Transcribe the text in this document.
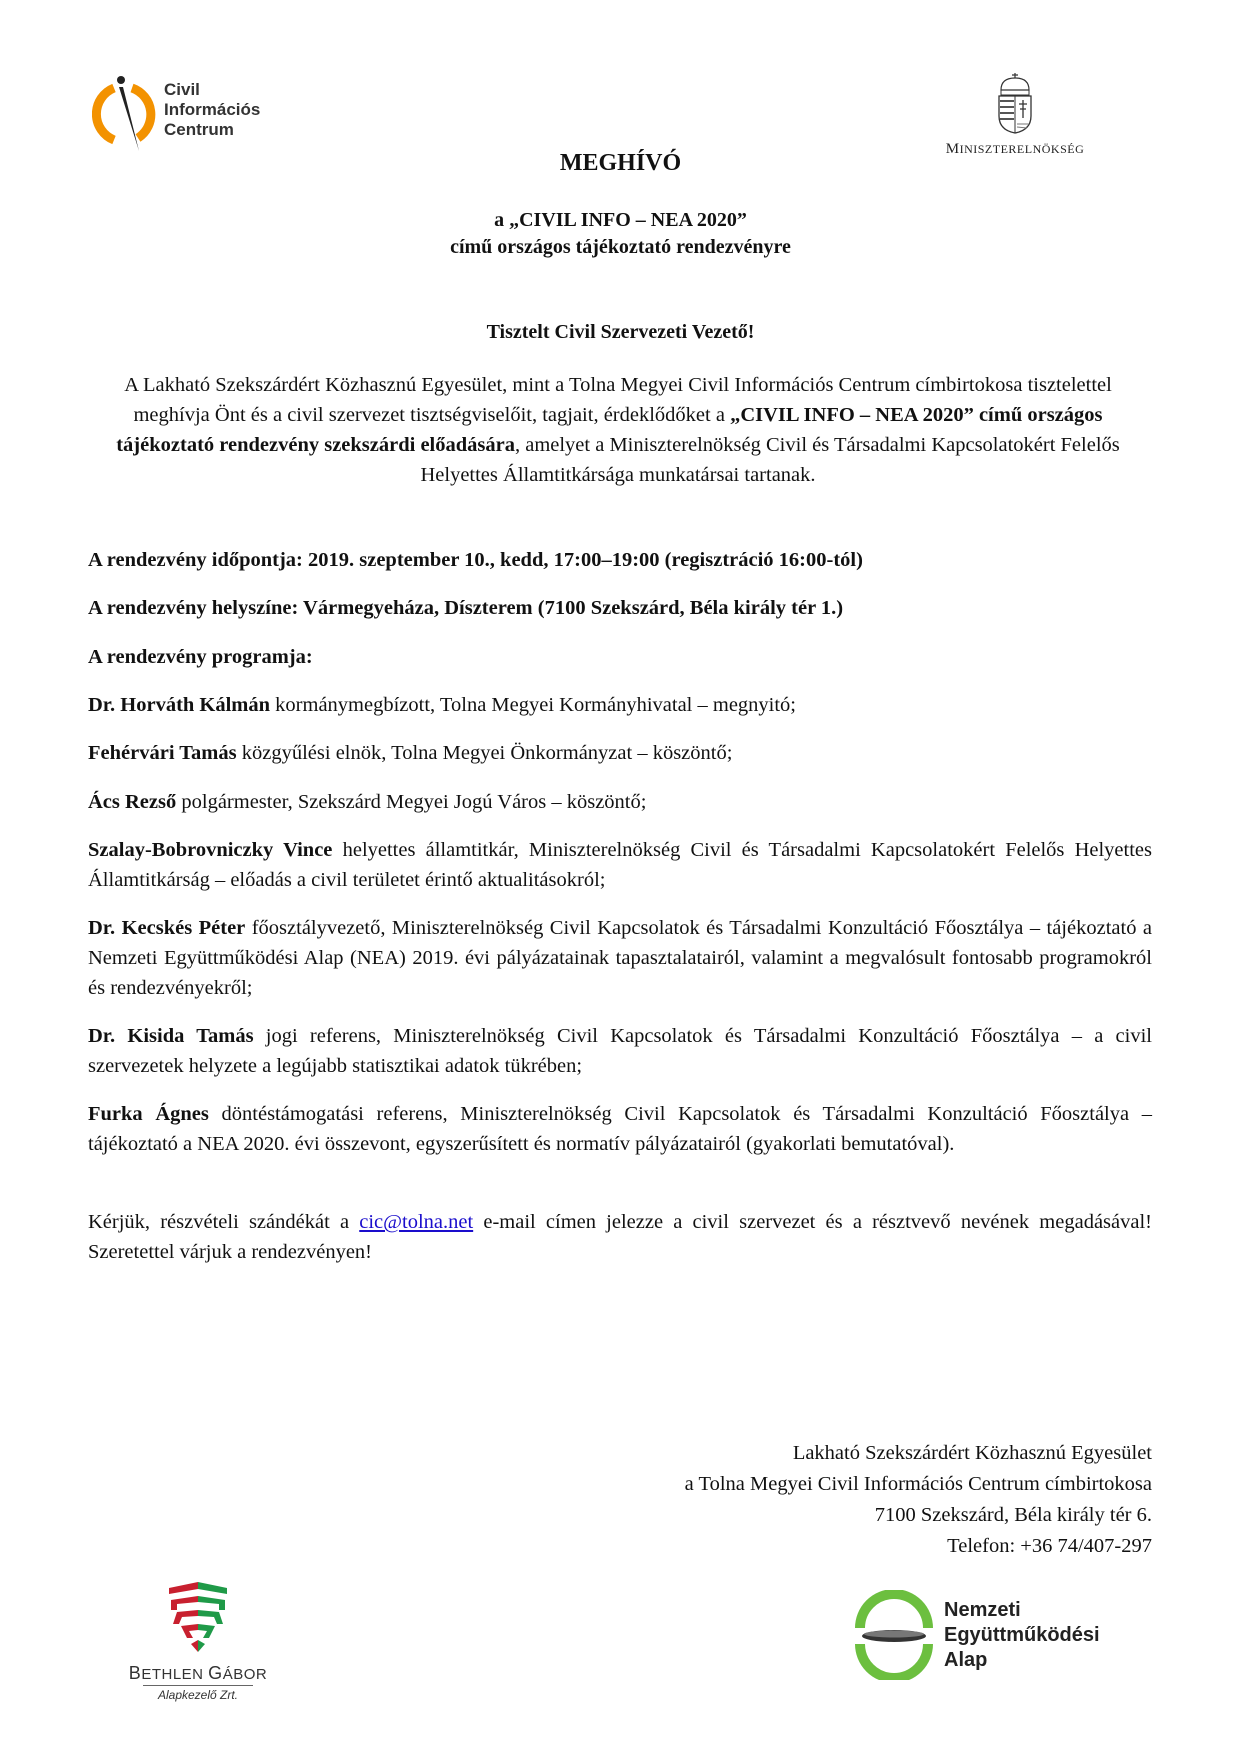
Civil
Információs
Centrum
MINISZTERELNÖKSÉG
MEGHÍVÓ
a „CIVIL INFO – NEA 2020”
című országos tájékoztató rendezvényre
Tisztelt Civil Szervezeti Vezető!
A Lakható Szekszárdért Közhasznú Egyesület, mint a Tolna Megyei Civil Információs Centrum címbirtokosa tisztelettel meghívja Önt és a civil szervezet tisztségviselőit, tagjait, érdeklődőket a „CIVIL INFO – NEA 2020” című országos tájékoztató rendezvény szekszárdi előadására, amelyet a Miniszterelnökség Civil és Társadalmi Kapcsolatokért Felelős Helyettes Államtitkársága munkatársai tartanak.
A rendezvény időpontja: 2019. szeptember 10., kedd, 17:00–19:00 (regisztráció 16:00-tól)
A rendezvény helyszíne: Vármegyeháza, Díszterem (7100 Szekszárd, Béla király tér 1.)
A rendezvény programja:
Dr. Horváth Kálmán kormánymegbízott, Tolna Megyei Kormányhivatal – megnyitó;
Fehérvári Tamás közgyűlési elnök, Tolna Megyei Önkormányzat – köszöntő;
Ács Rezső polgármester, Szekszárd Megyei Jogú Város – köszöntő;
Szalay-Bobrovniczky Vince helyettes államtitkár, Miniszterelnökség Civil és Társadalmi Kapcsolatokért Felelős Helyettes Államtitkárság – előadás a civil területet érintő aktualitásokról;
Dr. Kecskés Péter főosztályvezető, Miniszterelnökség Civil Kapcsolatok és Társadalmi Konzultáció Főosztálya – tájékoztató a Nemzeti Együttműködési Alap (NEA) 2019. évi pályázatainak tapasztalatairól, valamint a megvalósult fontosabb programokról és rendezvényekről;
Dr. Kisida Tamás jogi referens, Miniszterelnökség Civil Kapcsolatok és Társadalmi Konzultáció Főosztálya – a civil szervezetek helyzete a legújabb statisztikai adatok tükrében;
Furka Ágnes döntéstámogatási referens, Miniszterelnökség Civil Kapcsolatok és Társadalmi Konzultáció Főosztálya – tájékoztató a NEA 2020. évi összevont, egyszerűsített és normatív pályázatairól (gyakorlati bemutatóval).
Kérjük, részvételi szándékát a cic@tolna.net e-mail címen jelezze a civil szervezet és a résztvevő nevének megadásával! Szeretettel várjuk a rendezvényen!
Lakható Szekszárdért Közhasznú Egyesület
a Tolna Megyei Civil Információs Centrum címbirtokosa
7100 Szekszárd, Béla király tér 6.
Telefon: +36 74/407-297
BETHLEN GÁBOR
Alapkezelő Zrt.
Nemzeti
Együttműködési
Alap
